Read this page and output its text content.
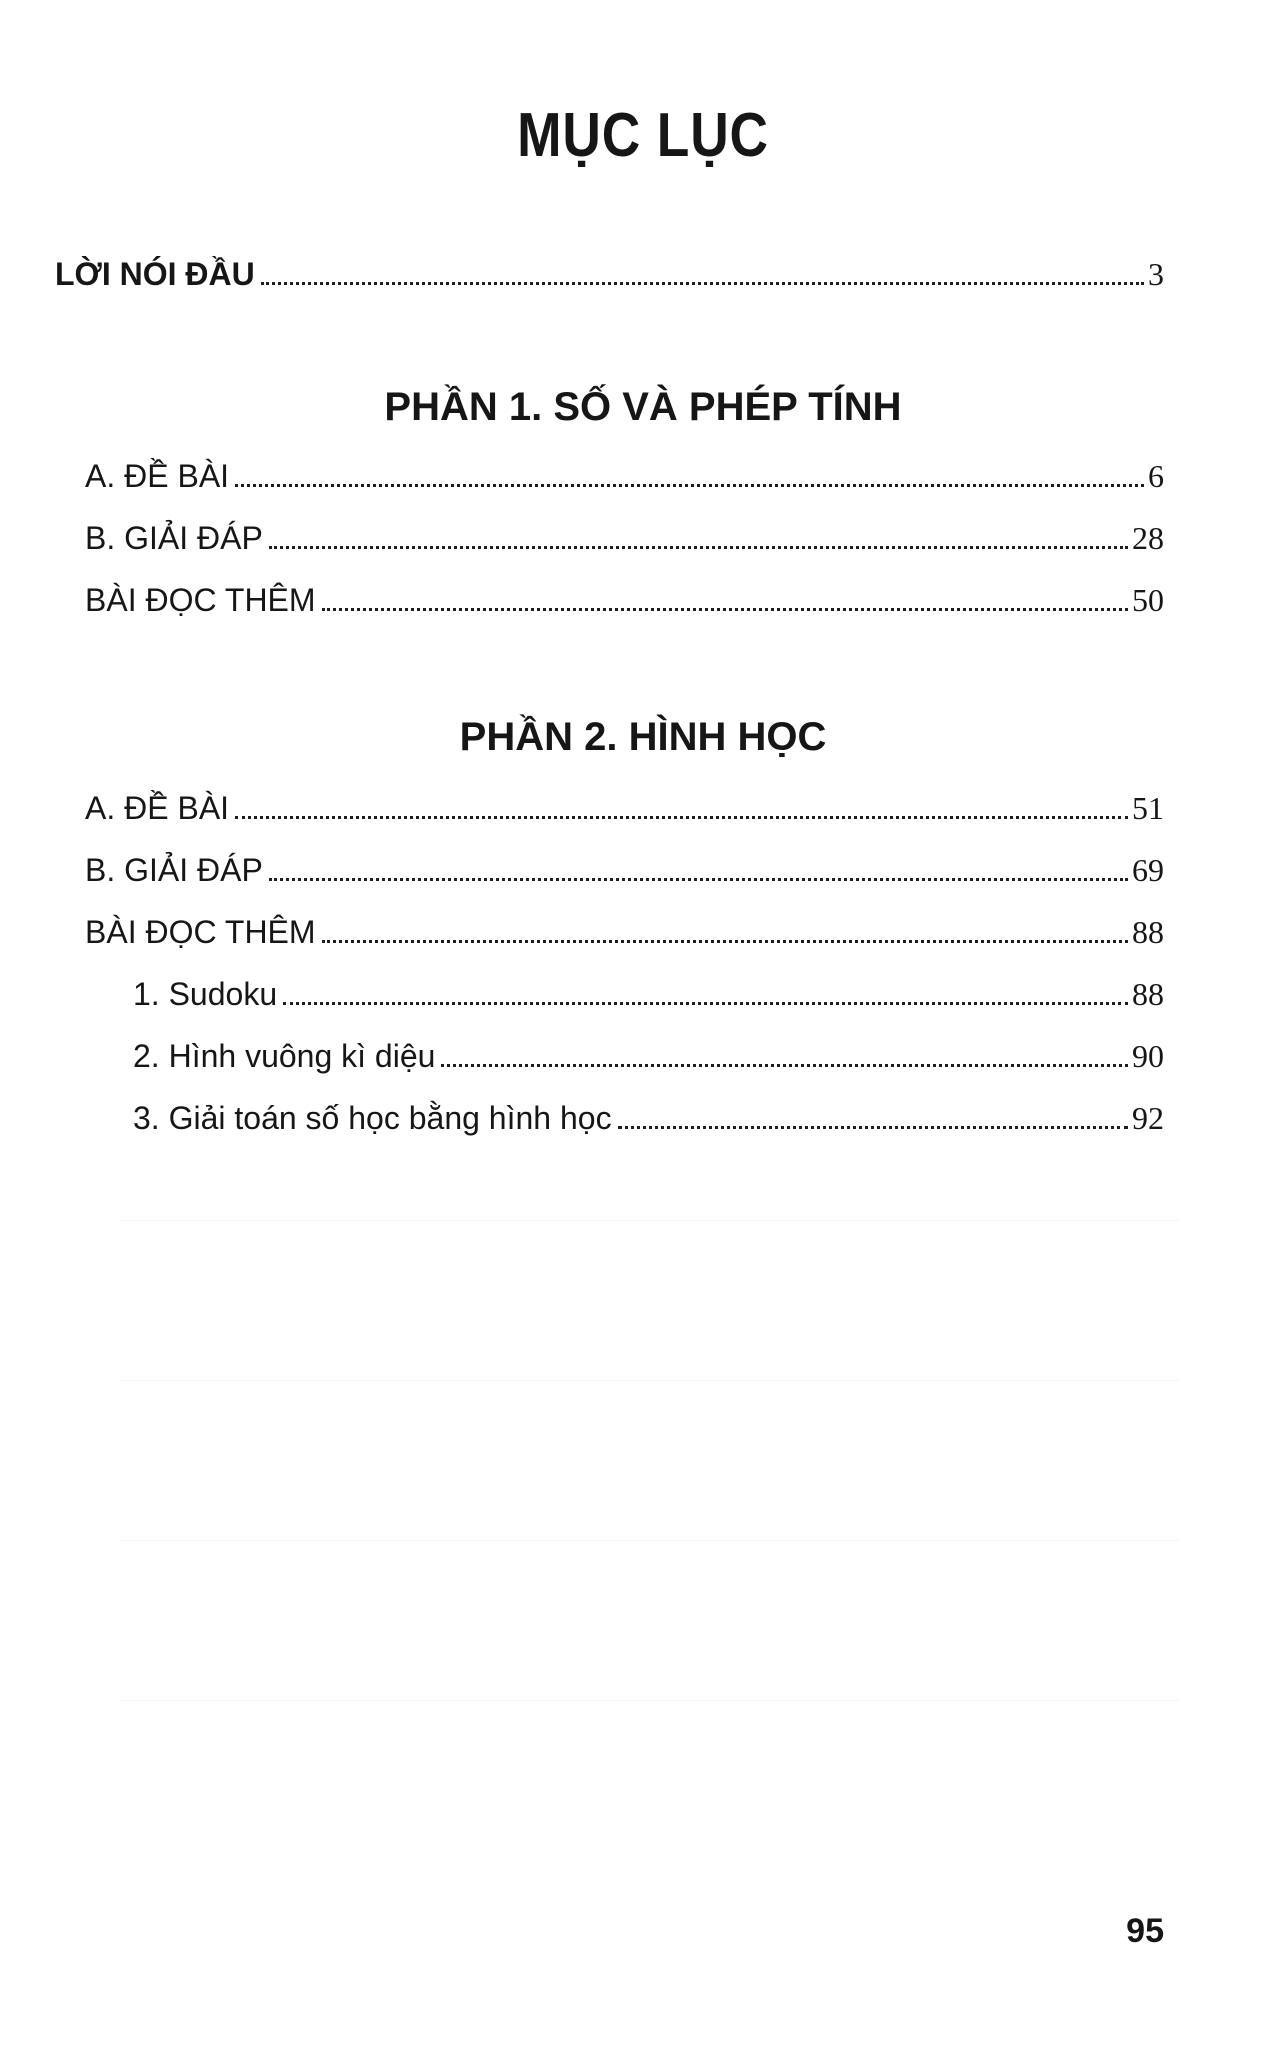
MỤC LỤC
LỜI NÓI ĐẦU	3
PHẦN 1. SỐ VÀ PHÉP TÍNH
A. ĐỀ BÀI	6
B. GIẢI ĐÁP	28
BÀI ĐỌC THÊM	50
PHẦN 2. HÌNH HỌC
A. ĐỀ BÀI	51
B. GIẢI ĐÁP	69
BÀI ĐỌC THÊM	88
1. Sudoku	88
2. Hình vuông kì diệu	90
3. Giải toán số học bằng hình học	92
95
